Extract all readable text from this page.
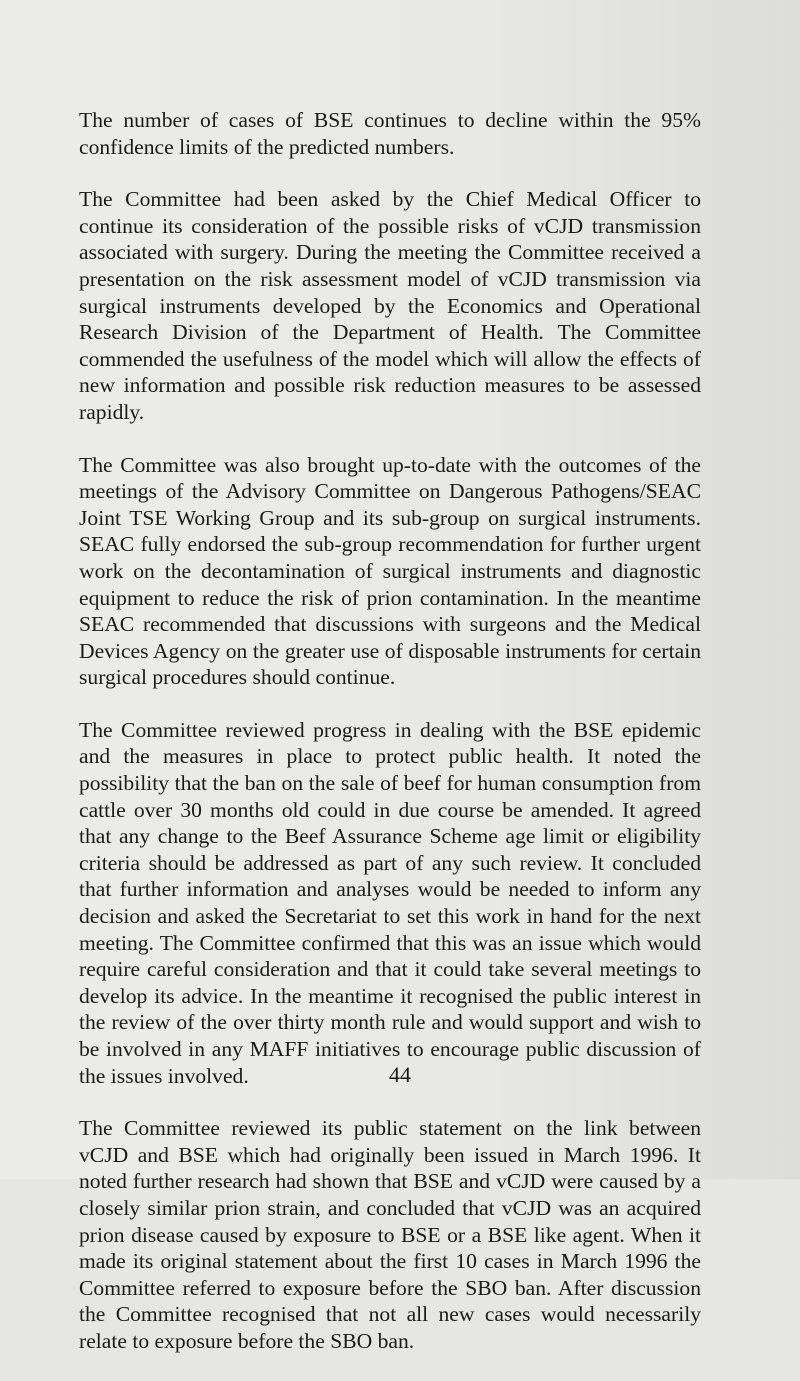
The number of cases of BSE continues to decline within the 95% confidence limits of the predicted numbers.

The Committee had been asked by the Chief Medical Officer to continue its consideration of the possible risks of vCJD transmission associated with surgery. During the meeting the Committee received a presentation on the risk assessment model of vCJD transmission via surgical instruments developed by the Economics and Operational Research Division of the Department of Health. The Committee commended the usefulness of the model which will allow the effects of new information and possible risk reduction measures to be assessed rapidly.

The Committee was also brought up-to-date with the outcomes of the meetings of the Advisory Committee on Dangerous Pathogens/SEAC Joint TSE Working Group and its sub-group on surgical instruments. SEAC fully endorsed the sub-group recommendation for further urgent work on the decontamination of surgical instruments and diagnostic equipment to reduce the risk of prion contamination. In the meantime SEAC recommended that discussions with surgeons and the Medical Devices Agency on the greater use of disposable instruments for certain surgical procedures should continue.

The Committee reviewed progress in dealing with the BSE epidemic and the measures in place to protect public health. It noted the possibility that the ban on the sale of beef for human consumption from cattle over 30 months old could in due course be amended. It agreed that any change to the Beef Assurance Scheme age limit or eligibility criteria should be addressed as part of any such review. It concluded that further information and analyses would be needed to inform any decision and asked the Secretariat to set this work in hand for the next meeting. The Committee confirmed that this was an issue which would require careful consideration and that it could take several meetings to develop its advice. In the meantime it recognised the public interest in the review of the over thirty month rule and would support and wish to be involved in any MAFF initiatives to encourage public discussion of the issues involved.

The Committee reviewed its public statement on the link between vCJD and BSE which had originally been issued in March 1996. It noted further research had shown that BSE and vCJD were caused by a closely similar prion strain, and concluded that vCJD was an acquired prion disease caused by exposure to BSE or a BSE like agent. When it made its original statement about the first 10 cases in March 1996 the Committee referred to exposure before the SBO ban. After discussion the Committee recognised that not all new cases would necessarily relate to exposure before the SBO ban.

44
